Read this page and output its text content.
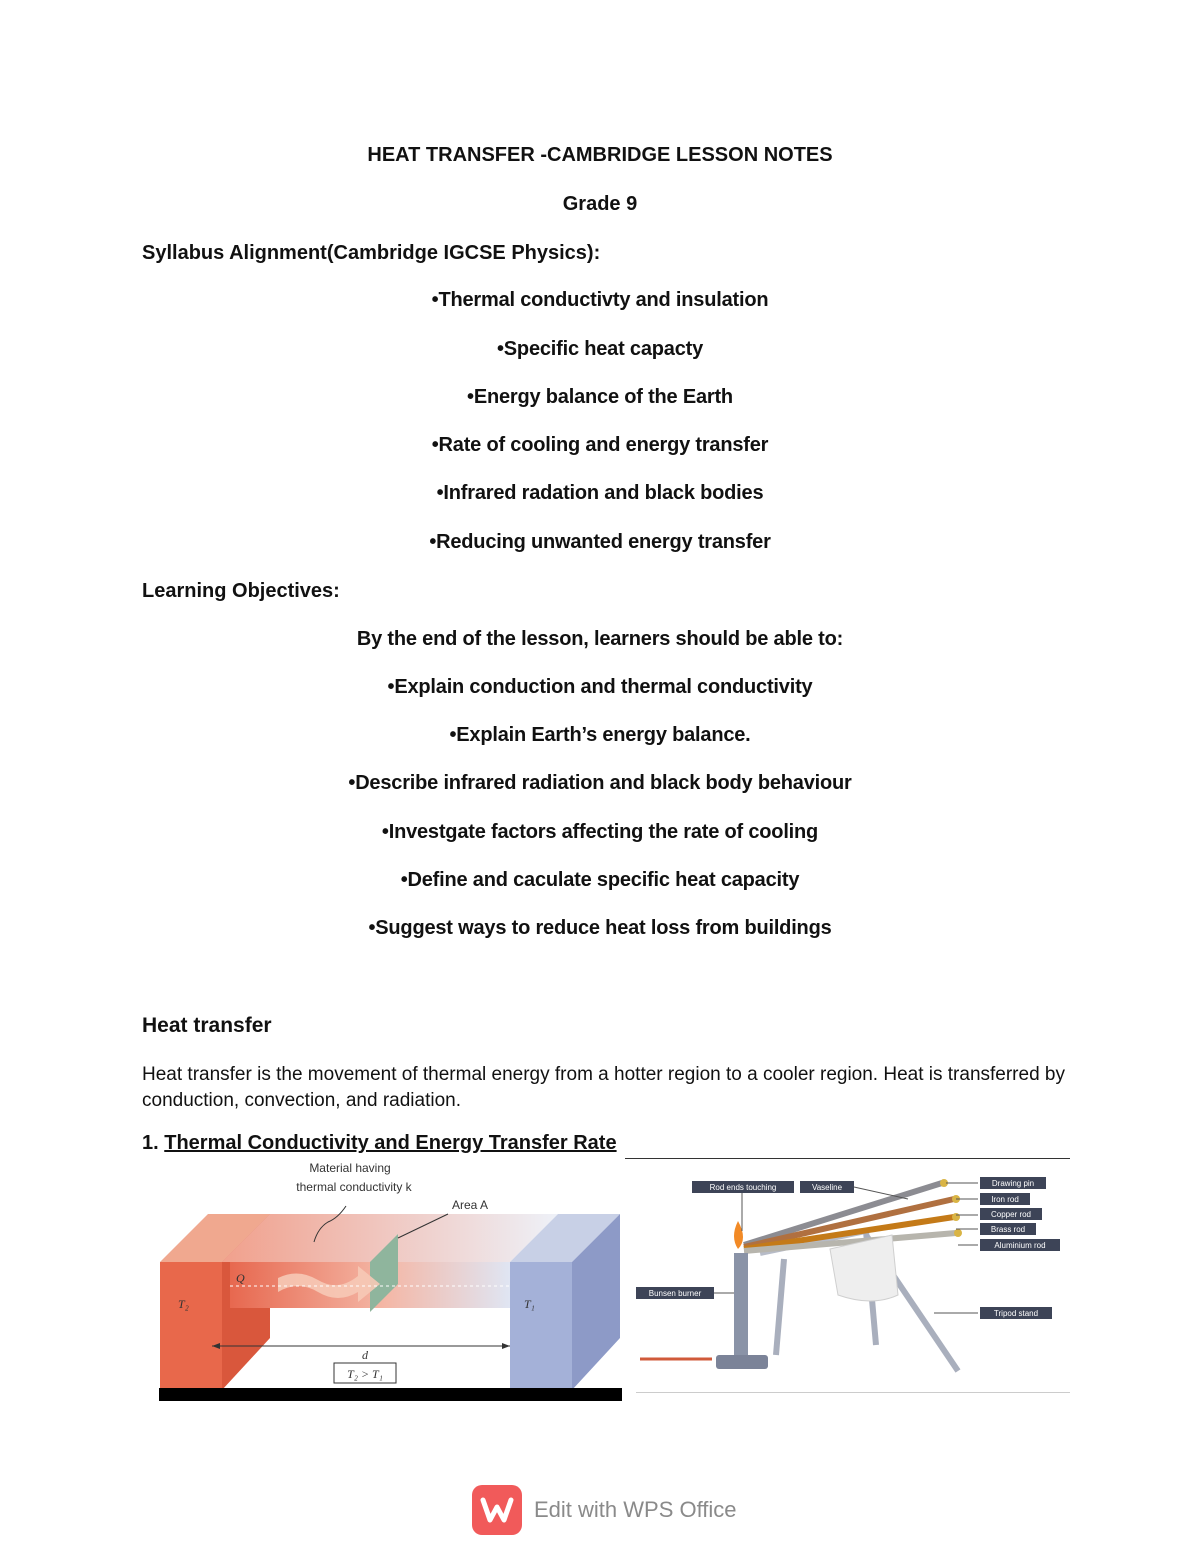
HEAT TRANSFER -CAMBRIDGE LESSON NOTES
Grade 9
Syllabus Alignment(Cambridge IGCSE Physics):
•Thermal conductivty and insulation
•Specific heat capacty
•Energy balance of the Earth
•Rate of cooling and energy transfer
•Infrared radation and black bodies
•Reducing unwanted energy transfer
Learning Objectives:
By the end of the lesson, learners should be able to:
•Explain conduction and thermal conductivity
•Explain Earth’s energy balance.
•Describe infrared radiation and black body behaviour
•Investgate factors affecting the rate of cooling
•Define and caculate specific heat capacity
•Suggest ways to reduce heat loss from buildings
Heat transfer
Heat transfer is the movement of thermal energy from a hotter region to a cooler region. Heat is transferred by conduction, convection, and radiation.
1. Thermal Conductivity and Energy Transfer Rate
Material having
thermal conductivity k
Area A
Q
T₂	T₁
d
T₂ > T₁
Rod ends touching	Vaseline	Drawing pin
Iron rod
Copper rod
Brass rod
Aluminium rod
Bunsen burner
Tripod stand
Edit with WPS Office
